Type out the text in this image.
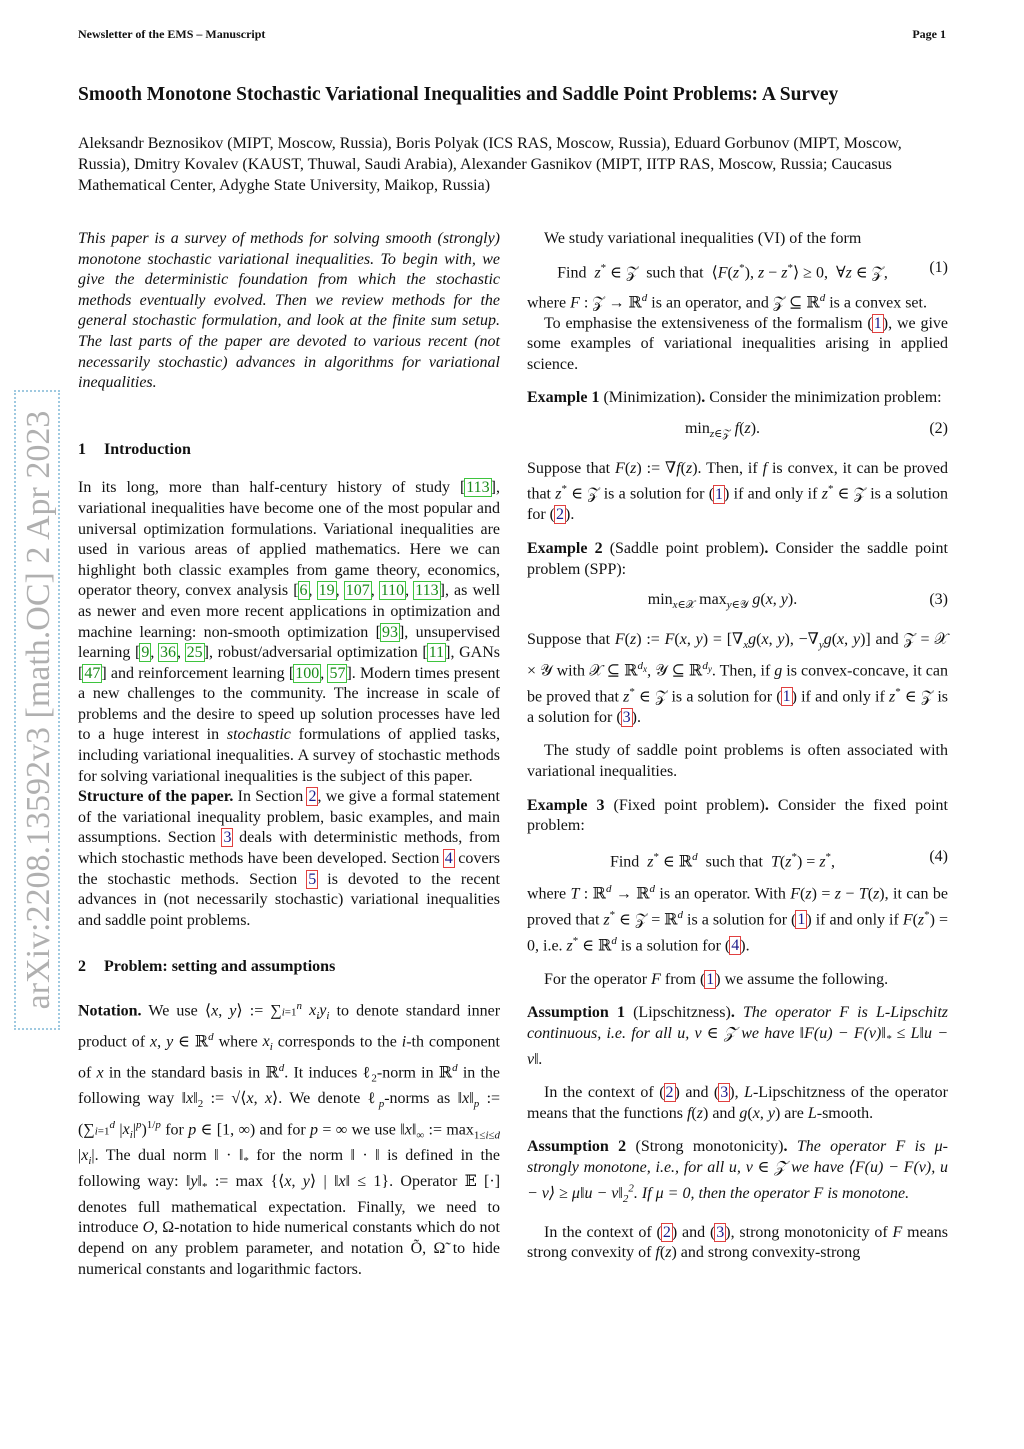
Newsletter of the EMS – Manuscript	Page 1
Smooth Monotone Stochastic Variational Inequalities and Saddle Point Problems: A Survey
Aleksandr Beznosikov (MIPT, Moscow, Russia), Boris Polyak (ICS RAS, Moscow, Russia), Eduard Gorbunov (MIPT, Moscow, Russia), Dmitry Kovalev (KAUST, Thuwal, Saudi Arabia), Alexander Gasnikov (MIPT, IITP RAS, Moscow, Russia; Caucasus Mathematical Center, Adyghe State University, Maikop, Russia)
arXiv:2208.13592v3 [math.OC] 2 Apr 2023

This paper is a survey of methods for solving smooth (strongly) monotone stochastic variational inequalities. To begin with, we give the deterministic foundation from which the stochastic methods eventually evolved. Then we review methods for the general stochastic formulation, and look at the finite sum setup. The last parts of the paper are devoted to various recent (not necessarily stochastic) advances in algorithms for variational inequalities.

1 Introduction

In its long, more than half-century history of study [113], variational inequalities have become one of the most popular and universal optimization formulations. Variational inequalities are used in various areas of applied mathematics. Here we can highlight both classic examples from game theory, economics, operator theory, convex analysis [6, 19, 107, 110, 113], as well as newer and even more recent applications in optimization and machine learning: non-smooth optimization [93], unsupervised learning [9, 36, 25], robust/adversarial optimization [11], GANs [47] and reinforcement learning [100, 57]. Modern times present a new challenges to the community. The increase in scale of problems and the desire to speed up solution processes have led to a huge interest in stochastic formulations of applied tasks, including variational inequalities. A survey of stochastic methods for solving variational inequalities is the subject of this paper.

Structure of the paper. In Section 2, we give a formal statement of the variational inequality problem, basic examples, and main assumptions. Section 3 deals with deterministic methods, from which stochastic methods have been developed. Section 4 covers the stochastic methods. Section 5 is devoted to the recent advances in (not necessarily stochastic) variational inequalities and saddle point problems.

2 Problem: setting and assumptions

Notation. We use ⟨x, y⟩ := $\sum i=1^n$ $x_iy_i$ to denote standard inner product of x, y ∈ ℝ$^d$ where $x_i$ corresponds to the i-th component of x in the standard basis in ℝ$^d$. It induces ℓ$_2$-norm in ℝ$^d$ in the following way $‖x‖_2$ := √⟨x, x⟩. We denote ℓ$_p$-norms as $‖x‖_p$ := ($\sum i=1^d$ $|x_i|^p)^{1/p}$ for p ∈ [1, ∞) and for p = ∞ we use $‖x‖_\infty$ := $\max_{1\le i\le d} |x_i|$. The dual norm ‖ · $‖_*$ for the norm ‖ · ‖ is defined in the following way: $‖y‖_*$ := max {⟨x, y⟩ | ‖x‖ ≤ 1}. Operator 𝔼 [·] denotes full mathematical expectation. Finally, we need to introduce O, Ω-notation to hide numerical constants which do not depend on any problem parameter, and notation Õ, Ω̃ to hide numerical constants and logarithmic factors.

We study variational inequalities (VI) of the form

Find  z* ∈ 𝒵  such that  ⟨F(z*), z − z*⟩ ≥ 0,  ∀z ∈ 𝒵,	(1)

where F : 𝒵 → ℝ$^d$ is an operator, and 𝒵 ⊆ ℝ$^d$ is a convex set.

To emphasise the extensiveness of the formalism (1), we give some examples of variational inequalities arising in applied science.

Example 1 (Minimization). Consider the minimization problem:

$\min_{z\in 𝒵} f(z)$.	(2)

Suppose that F(z) := ∇f(z). Then, if f is convex, it can be proved that z* ∈ 𝒵 is a solution for (1) if and only if z* ∈ 𝒵 is a solution for (2).

Example 2 (Saddle point problem). Consider the saddle point problem (SPP):

$\min_{x\in 𝒳} \max_{y\in 𝒴} g(x$, y).	(3)

Suppose that F(z) := F(x, $y) = [\nabla_xg(x$, y), $-\nabla_yg(x$, y)] and 𝒵 = 𝒳 × 𝒴 with 𝒳 ⊆ ℝ$^{d_x}$, 𝒴 ⊆ ℝ$^{d_y}$. Then, if g is convex-concave, it can be proved that z* ∈ 𝒵 is a solution for (1) if and only if z* ∈ 𝒵 is a solution for (3).

The study of saddle point problems is often associated with variational inequalities.

Example 3 (Fixed point problem). Consider the fixed point problem:

Find  z* ∈ ℝ$^d$  such that  T(z*) = z*,	(4)

where T : ℝ$^d$ → ℝ$^d$ is an operator. With F(z) = z − T(z), it can be proved that z* ∈ 𝒵 = ℝ$^d$ is a solution for (1) if and only if F(z*) = 0, i.e. z* ∈ ℝ$^d$ is a solution for (4).

For the operator F from (1) we assume the following.

Assumption 1 (Lipschitzness). The operator F is L-Lipschitz continuous, i.e. for all u, v ∈ 𝒵 we have ‖F(u) − $F(v)‖_*$ ≤ L‖u − v‖.

In the context of (2) and (3), L-Lipschitzness of the operator means that the functions f(z) and g(x, y) are L-smooth.

Assumption 2 (Strong monotonicity). The operator F is μ-strongly monotone, i.e., for all u, v ∈ 𝒵 we have ⟨F(u) − F(v), u − v⟩ ≥ μ‖u − $v‖_2^2$. If μ = 0, then the operator F is monotone.

In the context of (2) and (3), strong monotonicity of F means strong convexity of f(z) and strong convexity-strong
